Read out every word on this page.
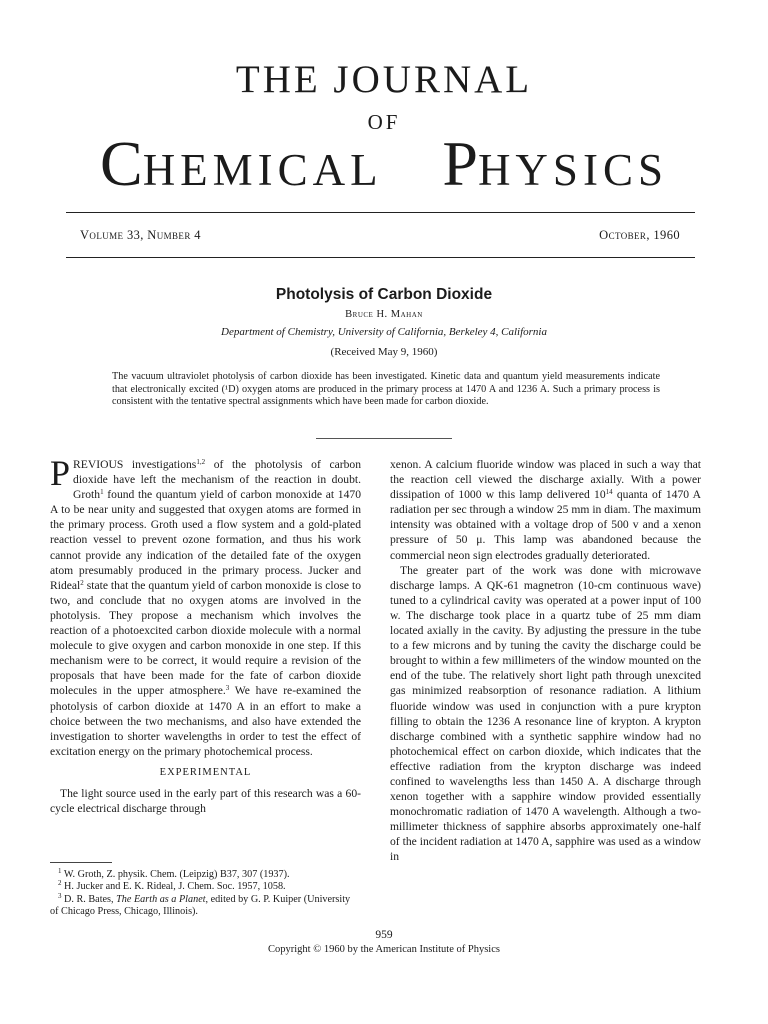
THE JOURNAL
OF
CHEMICAL PHYSICS
Volume 33, Number 4	October, 1960
Photolysis of Carbon Dioxide
Bruce H. Mahan
Department of Chemistry, University of California, Berkeley 4, California
(Received May 9, 1960)
The vacuum ultraviolet photolysis of carbon dioxide has been investigated. Kinetic data and quantum yield measurements indicate that electronically excited (¹D) oxygen atoms are produced in the primary process at 1470 A and 1236 A. Such a primary process is consistent with the tentative spectral assignments which have been made for carbon dioxide.

PREVIOUS investigations$^{1,2}$ of the photolysis of carbon dioxide have left the mechanism of the reaction in doubt. Groth$^1$ found the quantum yield of carbon monoxide at 1470 A to be near unity and suggested that oxygen atoms are formed in the primary process. Groth used a flow system and a gold-plated reaction vessel to prevent ozone formation, and thus his work cannot provide any indication of the detailed fate of the oxygen atom presumably produced in the primary process. Jucker and Rideal$^2$ state that the quantum yield of carbon monoxide is close to two, and conclude that no oxygen atoms are involved in the photolysis. They propose a mechanism which involves the reaction of a photoexcited carbon dioxide molecule with a normal molecule to give oxygen and carbon monoxide in one step. If this mechanism were to be correct, it would require a revision of the proposals that have been made for the fate of carbon dioxide molecules in the upper atmosphere.$^3$ We have re-examined the photolysis of carbon dioxide at 1470 A in an effort to make a choice between the two mechanisms, and also have extended the investigation to shorter wavelengths in order to test the effect of excitation energy on the primary photochemical process.

EXPERIMENTAL

The light source used in the early part of this research was a 60-cycle electrical discharge through

$^1$ W. Groth, Z. physik. Chem. (Leipzig) B37, 307 (1937).

$^2$ H. Jucker and E. K. Rideal, J. Chem. Soc. 1957, 1058.

$^3$ D. R. Bates, The Earth as a Planet, edited by G. P. Kuiper (University of Chicago Press, Chicago, Illinois).

xenon. A calcium fluoride window was placed in such a way that the reaction cell viewed the discharge axially. With a power dissipation of 1000 w this lamp delivered $10^{14}$ quanta of 1470 A radiation per sec through a window 25 mm in diam. The maximum intensity was obtained with a voltage drop of 500 v and a xenon pressure of 50 μ. This lamp was abandoned because the commercial neon sign electrodes gradually deteriorated.

The greater part of the work was done with microwave discharge lamps. A QK-61 magnetron (10-cm continuous wave) tuned to a cylindrical cavity was operated at a power input of 100 w. The discharge took place in a quartz tube of 25 mm diam located axially in the cavity. By adjusting the pressure in the tube to a few microns and by tuning the cavity the discharge could be brought to within a few millimeters of the window mounted on the end of the tube. The relatively short light path through unexcited gas minimized reabsorption of resonance radiation. A lithium fluoride window was used in conjunction with a pure krypton filling to obtain the 1236 A resonance line of krypton. A krypton discharge combined with a synthetic sapphire window had no photochemical effect on carbon dioxide, which indicates that the effective radiation from the krypton discharge was indeed confined to wavelengths less than 1450 A. A discharge through xenon together with a sapphire window provided essentially monochromatic radiation of 1470 A wavelength. Although a two-millimeter thickness of sapphire absorbs approximately one-half of the incident radiation at 1470 A, sapphire was used as a window in

959
Copyright © 1960 by the American Institute of Physics
